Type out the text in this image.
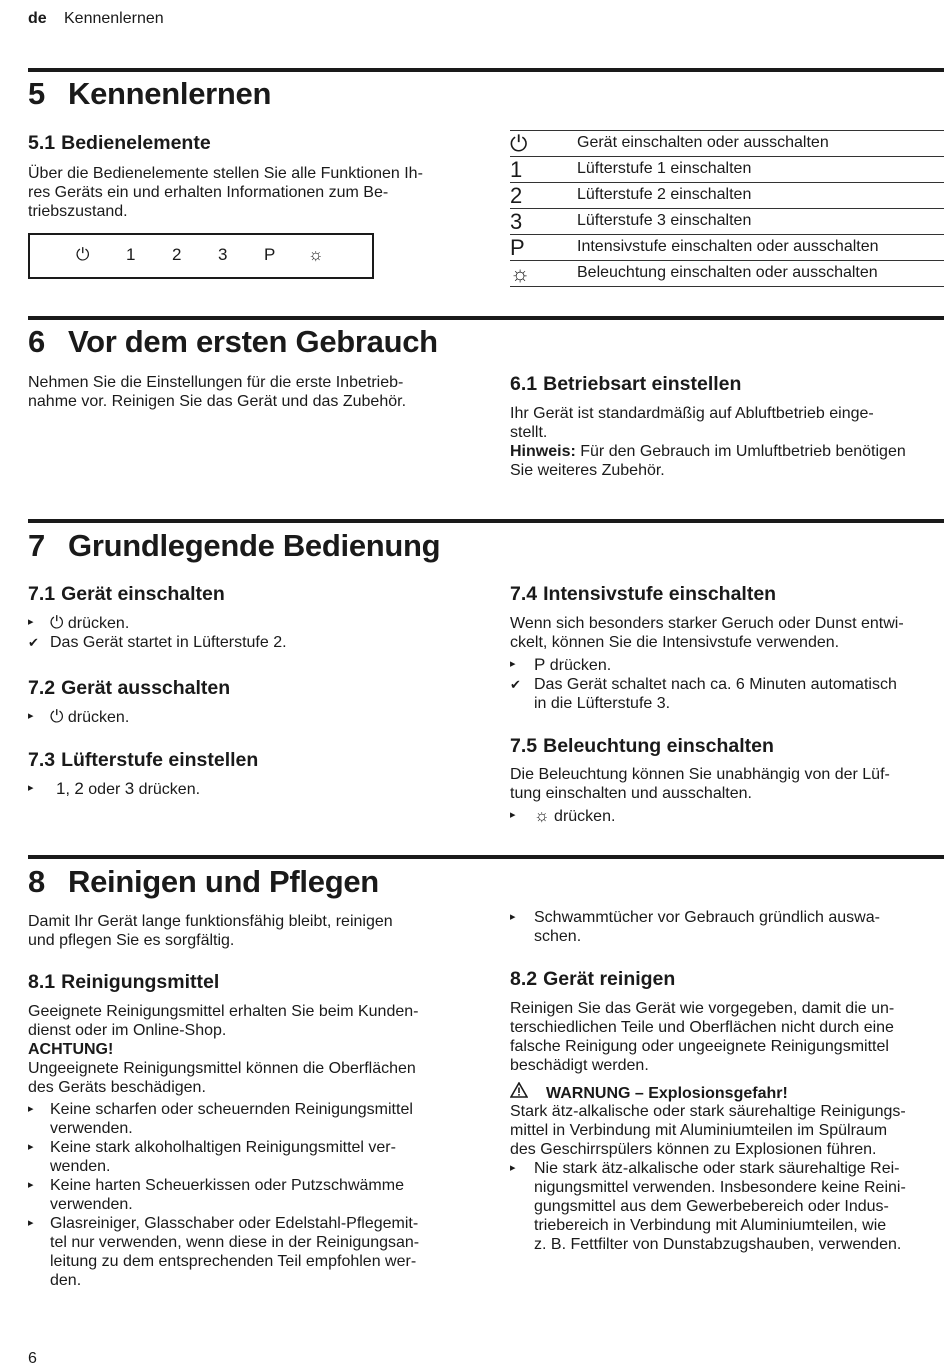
de Kennenlernen
5 Kennenlernen
5.1 Bedienelemente
Über die Bedienelemente stellen Sie alle Funktionen Ih-
res Geräts ein und erhalten Informationen zum Be-
triebszustand.
⏻ 1 2 3 P ☼
⏻	Gerät einschalten oder ausschalten
1	Lüfterstufe 1 einschalten
2	Lüfterstufe 2 einschalten
3	Lüfterstufe 3 einschalten
P	Intensivstufe einschalten oder ausschalten
☼	Beleuchtung einschalten oder ausschalten
6 Vor dem ersten Gebrauch
Nehmen Sie die Einstellungen für die erste Inbetrieb-
nahme vor. Reinigen Sie das Gerät und das Zubehör.
6.1 Betriebsart einstellen
Ihr Gerät ist standardmäßig auf Abluftbetrieb einge-
stellt.
Hinweis: Für den Gebrauch im Umluftbetrieb benötigen
Sie weiteres Zubehör.
7 Grundlegende Bedienung
7.1 Gerät einschalten
▸ ⏻ drücken.
✔ Das Gerät startet in Lüfterstufe 2.
7.2 Gerät ausschalten
▸ ⏻ drücken.
7.3 Lüfterstufe einstellen
▸ 1, 2 oder 3 drücken.
7.4 Intensivstufe einschalten
Wenn sich besonders starker Geruch oder Dunst entwi-
ckelt, können Sie die Intensivstufe verwenden.
▸ P drücken.
✔ Das Gerät schaltet nach ca. 6 Minuten automatisch
in die Lüfterstufe 3.
7.5 Beleuchtung einschalten
Die Beleuchtung können Sie unabhängig von der Lüf-
tung einschalten und ausschalten.
▸ ☼ drücken.
8 Reinigen und Pflegen
Damit Ihr Gerät lange funktionsfähig bleibt, reinigen
und pflegen Sie es sorgfältig.
8.1 Reinigungsmittel
Geeignete Reinigungsmittel erhalten Sie beim Kunden-
dienst oder im Online-Shop.
ACHTUNG!
Ungeeignete Reinigungsmittel können die Oberflächen
des Geräts beschädigen.
▸ Keine scharfen oder scheuernden Reinigungsmittel
verwenden.
▸ Keine stark alkoholhaltigen Reinigungsmittel ver-
wenden.
▸ Keine harten Scheuerkissen oder Putzschwämme
verwenden.
▸ Glasreiniger, Glasschaber oder Edelstahl-Pflegemit-
tel nur verwenden, wenn diese in der Reinigungsan-
leitung zu dem entsprechenden Teil empfohlen wer-
den.
▸ Schwammtücher vor Gebrauch gründlich auswa-
schen.
8.2 Gerät reinigen
Reinigen Sie das Gerät wie vorgegeben, damit die un-
terschiedlichen Teile und Oberflächen nicht durch eine
falsche Reinigung oder ungeeignete Reinigungsmittel
beschädigt werden.
WARNUNG – Explosionsgefahr!
Stark ätz-alkalische oder stark säurehaltige Reinigungs-
mittel in Verbindung mit Aluminiumteilen im Spülraum
des Geschirrspülers können zu Explosionen führen.
▸ Nie stark ätz-alkalische oder stark säurehaltige Rei-
nigungsmittel verwenden. Insbesondere keine Reini-
gungsmittel aus dem Gewerbebereich oder Indus-
triebereich in Verbindung mit Aluminiumteilen, wie
z. B. Fettfilter von Dunstabzugshauben, verwenden.
6
